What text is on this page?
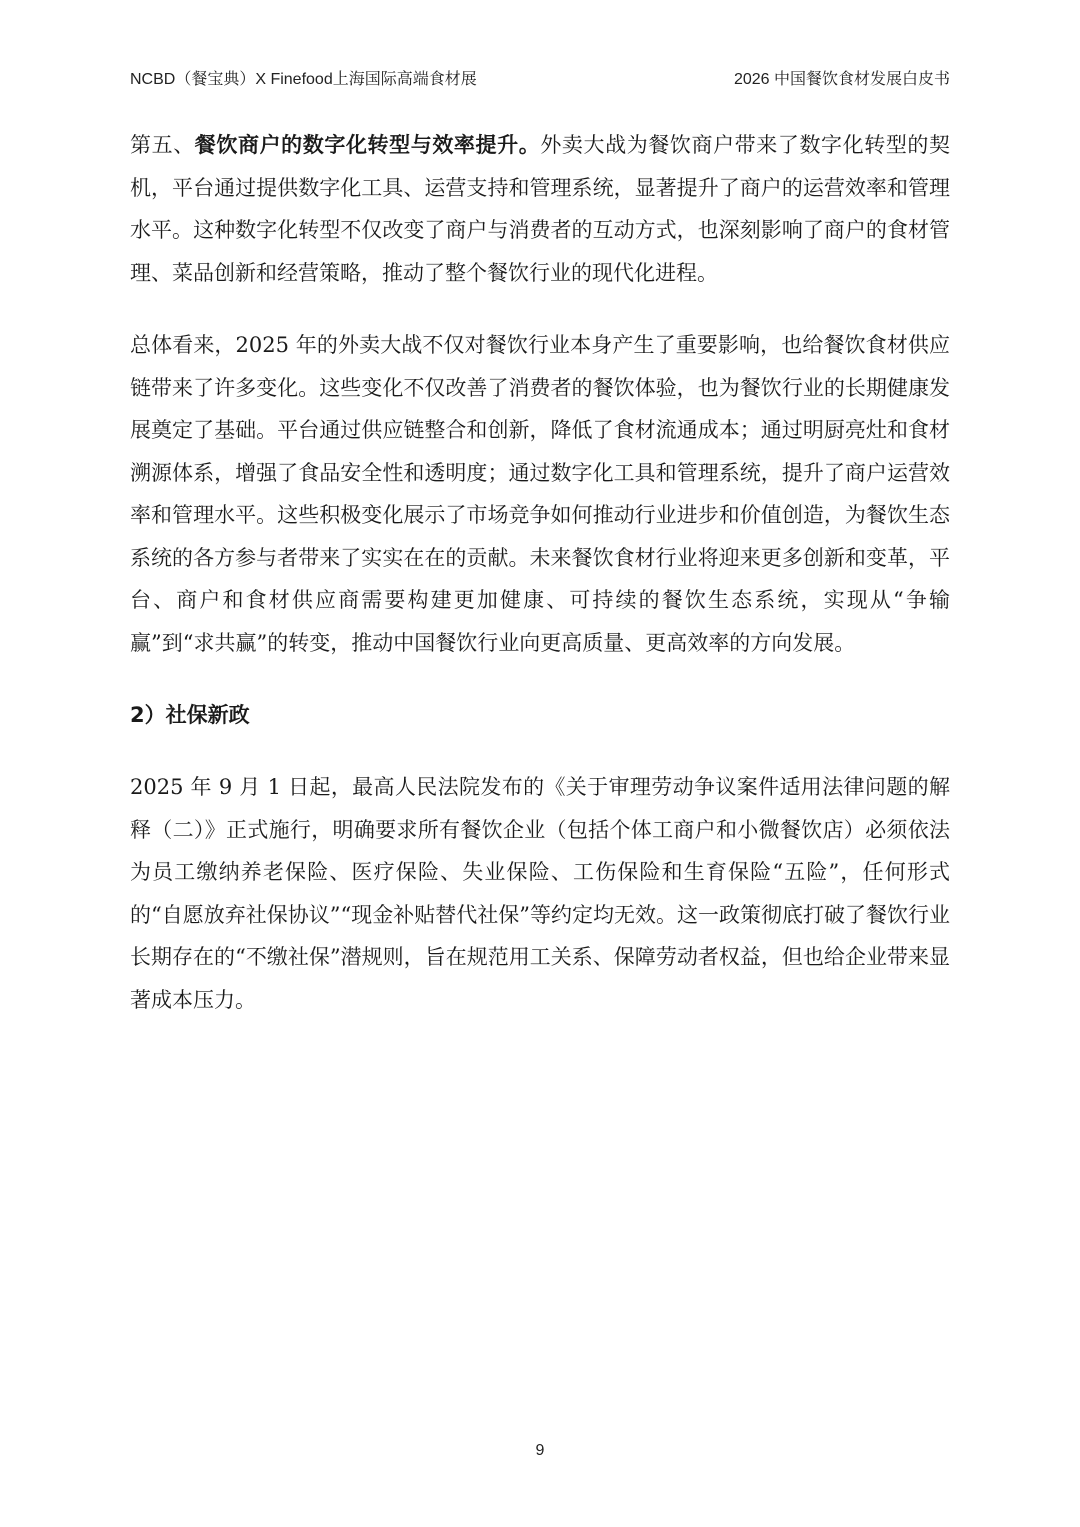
NCBD（餐宝典）X Finefood上海国际高端食材展	2026 中国餐饮食材发展白皮书

第五、餐饮商户的数字化转型与效率提升。外卖大战为餐饮商户带来了数字化转型的契机，平台通过提供数字化工具、运营支持和管理系统，显著提升了商户的运营效率和管理水平。这种数字化转型不仅改变了商户与消费者的互动方式，也深刻影响了商户的食材管理、菜品创新和经营策略，推动了整个餐饮行业的现代化进程。

总体看来，2025 年的外卖大战不仅对餐饮行业本身产生了重要影响，也给餐饮食材供应链带来了许多变化。这些变化不仅改善了消费者的餐饮体验，也为餐饮行业的长期健康发展奠定了基础。平台通过供应链整合和创新，降低了食材流通成本；通过明厨亮灶和食材溯源体系，增强了食品安全性和透明度；通过数字化工具和管理系统，提升了商户运营效率和管理水平。这些积极变化展示了市场竞争如何推动行业进步和价值创造，为餐饮生态系统的各方参与者带来了实实在在的贡献。未来餐饮食材行业将迎来更多创新和变革，平台、商户和食材供应商需要构建更加健康、可持续的餐饮生态系统，实现从“争输赢”到“求共赢”的转变，推动中国餐饮行业向更高质量、更高效率的方向发展。

2）社保新政

2025 年 9 月 1 日起，最高人民法院发布的《关于审理劳动争议案件适用法律问题的解释（二）》正式施行，明确要求所有餐饮企业（包括个体工商户和小微餐饮店）必须依法为员工缴纳养老保险、医疗保险、失业保险、工伤保险和生育保险“五险”，任何形式的“自愿放弃社保协议”“现金补贴替代社保”等约定均无效。这一政策彻底打破了餐饮行业长期存在的“不缴社保”潜规则，旨在规范用工关系、保障劳动者权益，但也给企业带来显著成本压力。

9
